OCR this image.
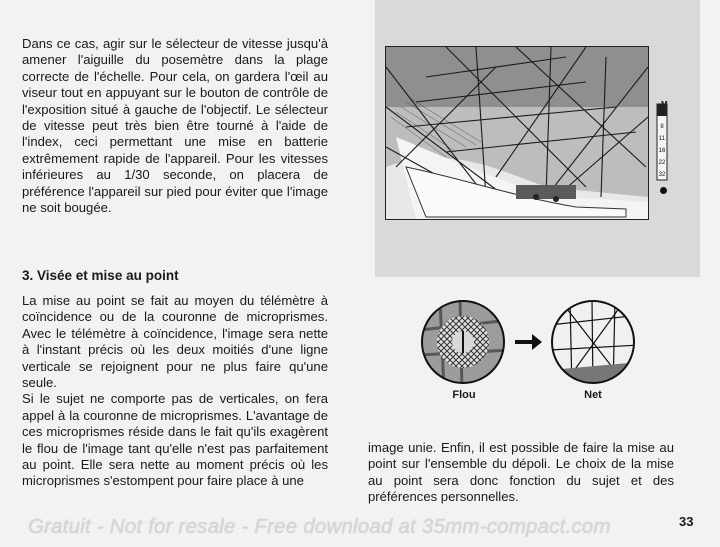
Dans ce cas, agir sur le sélecteur de vitesse jusqu'à amener l'aiguille du posemètre dans la plage correcte de l'échelle. Pour cela, on gardera l'œil au viseur tout en appuyant sur le bouton de contrôle de l'exposition situé à gauche de l'objectif. Le sélecteur de vitesse peut très bien être tourné à l'aide de l'index, ceci permettant une mise en batterie extrêmement rapide de l'appareil. Pour les vitesses inférieures au 1/30 seconde, on placera de préférence l'appareil sur pied pour éviter que l'image ne soit bougée.
3. Visée et mise au point
La mise au point se fait au moyen du télémètre à coïncidence ou de la couronne de microprismes. Avec le télémètre à coïncidence, l'image sera nette à l'instant précis où les deux moitiés d'une ligne verticale se rejoignent pour ne plus faire qu'une seule.
Si le sujet ne comporte pas de verticales, on fera appel à la couronne de microprismes. L'avantage de ces microprismes réside dans le fait qu'ils exagèrent le flou de l'image tant qu'elle n'est pas parfaitement au point. Elle sera nette au moment précis où les microprismes s'estompent pour faire place à une
8
11
16
22
32
Flou	Net
image unie. Enfin, il est possible de faire la mise au point sur l'ensemble du dépoli. Le choix de la mise au point sera donc fonction du sujet et des préférences personnelles.
Gratuit - Not for resale - Free download at 35mm-compact.com	33
